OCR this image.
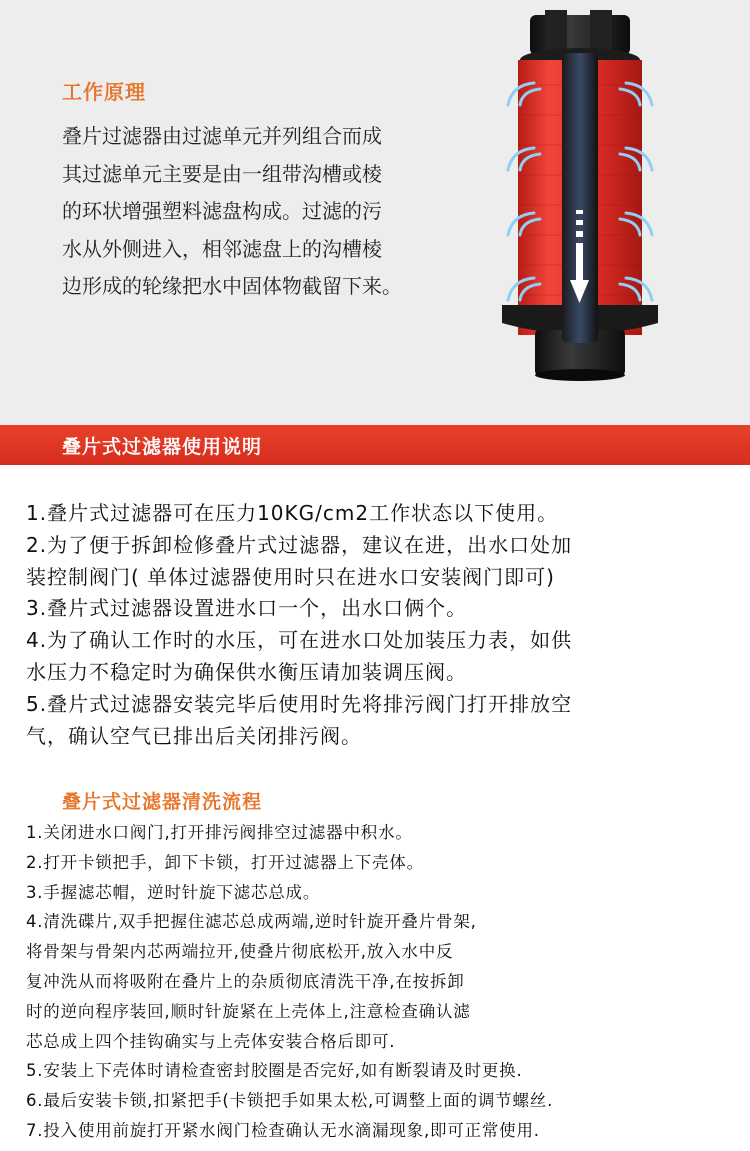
工作原理
叠片过滤器由过滤单元并列组合而成
其过滤单元主要是由一组带沟槽或棱
的环状增强塑料滤盘构成。过滤的污
水从外侧进入，相邻滤盘上的沟槽棱
边形成的轮缘把水中固体物截留下来。
叠片式过滤器使用说明
1.叠片式过滤器可在压力10KG/cm2工作状态以下使用。
2.为了便于拆卸检修叠片式过滤器，建议在进，出水口处加
装控制阀门( 单体过滤器使用时只在进水口安装阀门即可)
3.叠片式过滤器设置进水口一个，出水口俩个。
4.为了确认工作时的水压，可在进水口处加装压力表，如供
水压力不稳定时为确保供水衡压请加装调压阀。
5.叠片式过滤器安装完毕后使用时先将排污阀门打开排放空
气，确认空气已排出后关闭排污阀。
叠片式过滤器清洗流程
1.关闭进水口阀门,打开排污阀排空过滤器中积水。
2.打开卡锁把手，卸下卡锁，打开过滤器上下壳体。
3.手握滤芯帽，逆时针旋下滤芯总成。
4.清洗碟片,双手把握住滤芯总成两端,逆时针旋开叠片骨架,
将骨架与骨架内芯两端拉开,使叠片彻底松开,放入水中反
复冲洗从而将吸附在叠片上的杂质彻底清洗干净,在按拆卸
时的逆向程序装回,顺时针旋紧在上壳体上,注意检查确认滤
芯总成上四个挂钩确实与上壳体安装合格后即可.
5.安装上下壳体时请检查密封胶圈是否完好,如有断裂请及时更换.
6.最后安装卡锁,扣紧把手(卡锁把手如果太松,可调整上面的调节螺丝.
7.投入使用前旋打开紧水阀门检查确认无水滴漏现象,即可正常使用.
